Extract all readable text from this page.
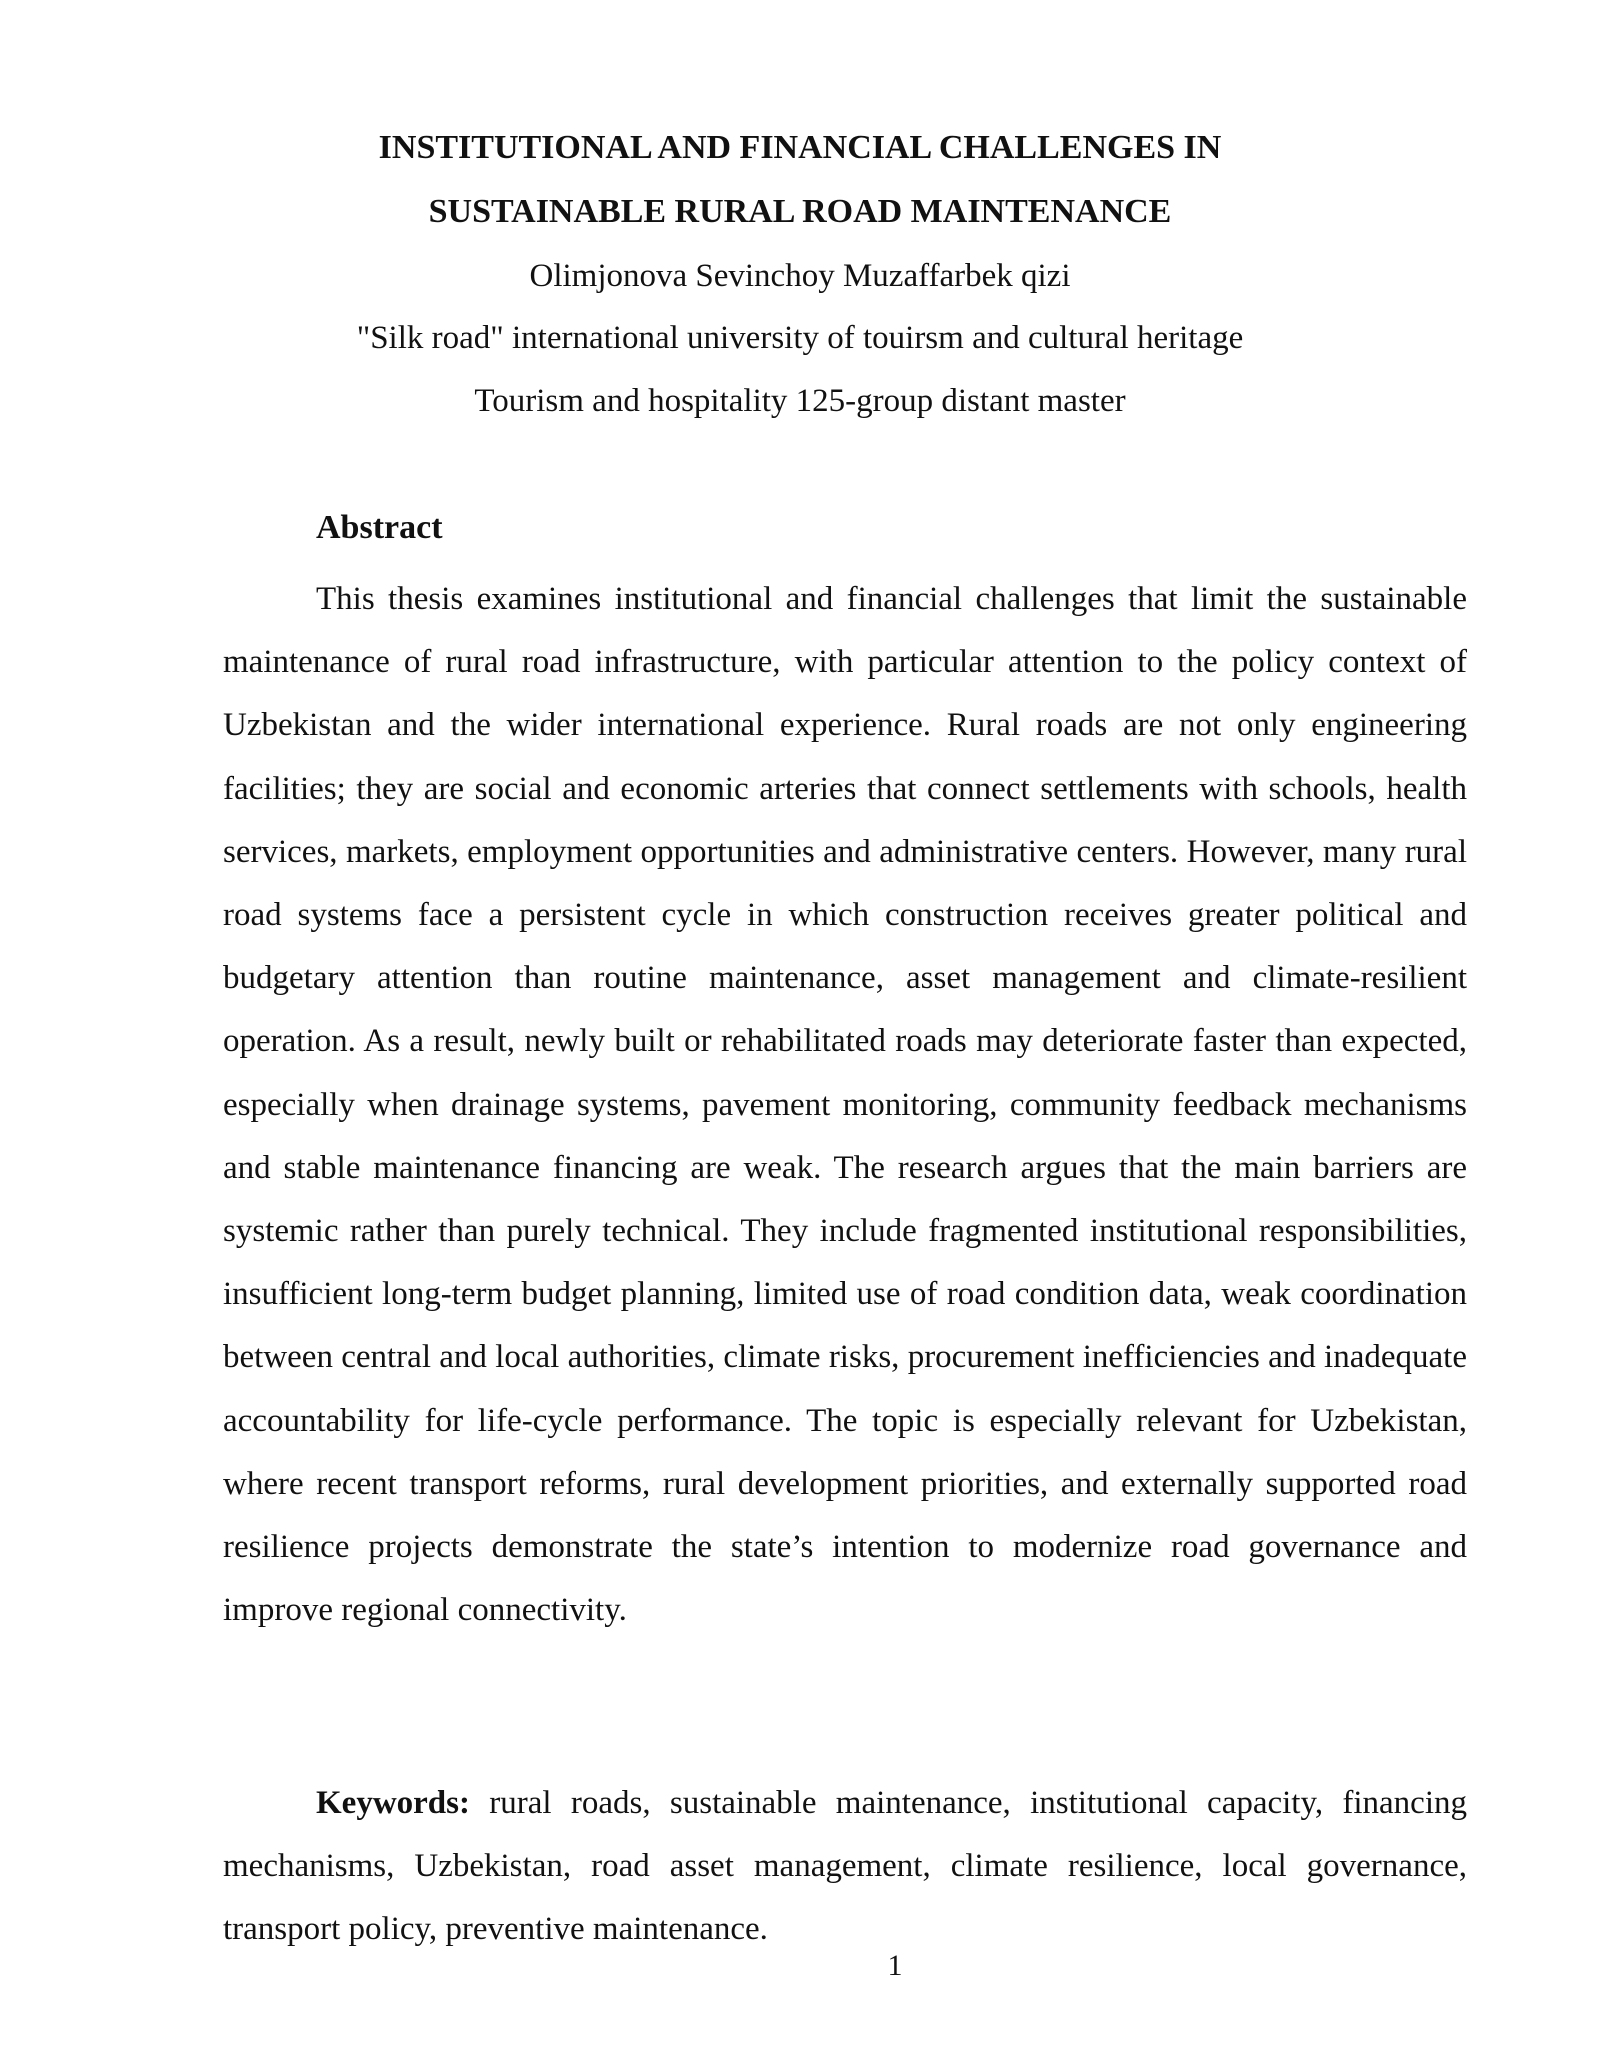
INSTITUTIONAL AND FINANCIAL CHALLENGES IN
SUSTAINABLE RURAL ROAD MAINTENANCE
Olimjonova Sevinchoy Muzaffarbek qizi
"Silk road" international university of touirsm and cultural heritage
Tourism and hospitality 125-group distant master
Abstract

This thesis examines institutional and financial challenges that limit the sustainable maintenance of rural road infrastructure, with particular attention to the policy context of Uzbekistan and the wider international experience. Rural roads are not only engineering facilities; they are social and economic arteries that connect settlements with schools, health services, markets, employment opportunities and administrative centers. However, many rural road systems face a persistent cycle in which construction receives greater political and budgetary attention than routine maintenance, asset management and climate-resilient operation. As a result, newly built or rehabilitated roads may deteriorate faster than expected, especially when drainage systems, pavement monitoring, community feedback mechanisms and stable maintenance financing are weak. The research argues that the main barriers are systemic rather than purely technical. They include fragmented institutional responsibilities, insufficient long-term budget planning, limited use of road condition data, weak coordination between central and local authorities, climate risks, procurement inefficiencies and inadequate accountability for life-cycle performance. The topic is especially relevant for Uzbekistan, where recent transport reforms, rural development priorities, and externally supported road resilience projects demonstrate the state’s intention to modernize road governance and improve regional connectivity.

Keywords: rural roads, sustainable maintenance, institutional capacity, financing mechanisms, Uzbekistan, road asset management, climate resilience, local governance, transport policy, preventive maintenance.

1
